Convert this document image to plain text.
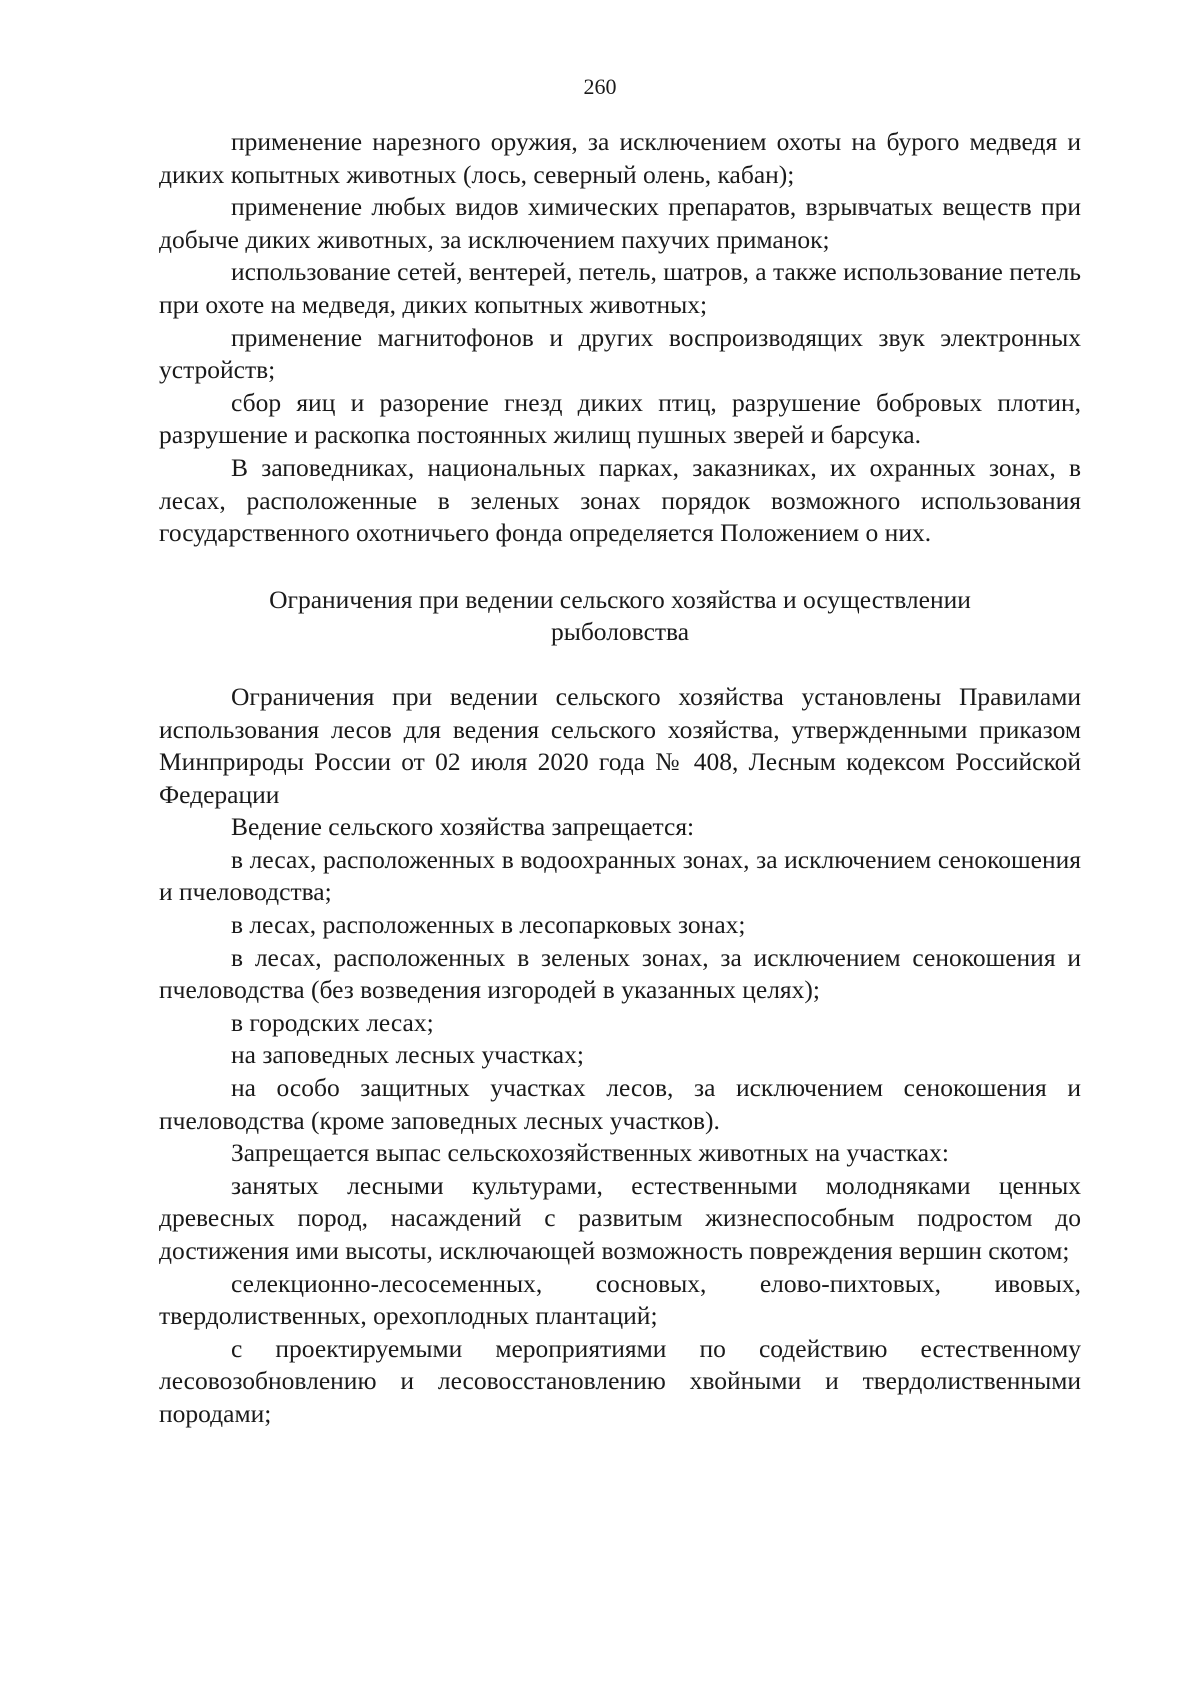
260

применение нарезного оружия, за исключением охоты на бурого медведя и диких копытных животных (лось, северный олень, кабан);

применение любых видов химических препаратов, взрывчатых веществ при добыче диких животных, за исключением пахучих приманок;

использование сетей, вентерей, петель, шатров, а также использование петель при охоте на медведя, диких копытных животных;

применение магнитофонов и других воспроизводящих звук электронных устройств;

сбор яиц и разорение гнезд диких птиц, разрушение бобровых плотин, разрушение и раскопка постоянных жилищ пушных зверей и барсука.

В заповедниках, национальных парках, заказниках, их охранных зонах, в лесах, расположенные в зеленых зонах порядок возможного использования государственного охотничьего фонда определяется Положением о них.

Ограничения при ведении сельского хозяйства и осуществлении рыболовства

Ограничения при ведении сельского хозяйства установлены Правилами использования лесов для ведения сельского хозяйства, утвержденными приказом Минприроды России от 02 июля 2020 года № 408, Лесным кодексом Российской Федерации

Ведение сельского хозяйства запрещается:

в лесах, расположенных в водоохранных зонах, за исключением сенокошения и пчеловодства;

в лесах, расположенных в лесопарковых зонах;

в лесах, расположенных в зеленых зонах, за исключением сенокошения и пчеловодства (без возведения изгородей в указанных целях);

в городских лесах;

на заповедных лесных участках;

на особо защитных участках лесов, за исключением сенокошения и пчеловодства (кроме заповедных лесных участков).

Запрещается выпас сельскохозяйственных животных на участках:

занятых лесными культурами, естественными молодняками ценных древесных пород, насаждений с развитым жизнеспособным подростом до достижения ими высоты, исключающей возможность повреждения вершин скотом;

селекционно-лесосеменных, сосновых, елово-пихтовых, ивовых, твердолиственных, орехоплодных плантаций;

с проектируемыми мероприятиями по содействию естественному лесовозобновлению и лесовосстановлению хвойными и твердолиственными породами;
